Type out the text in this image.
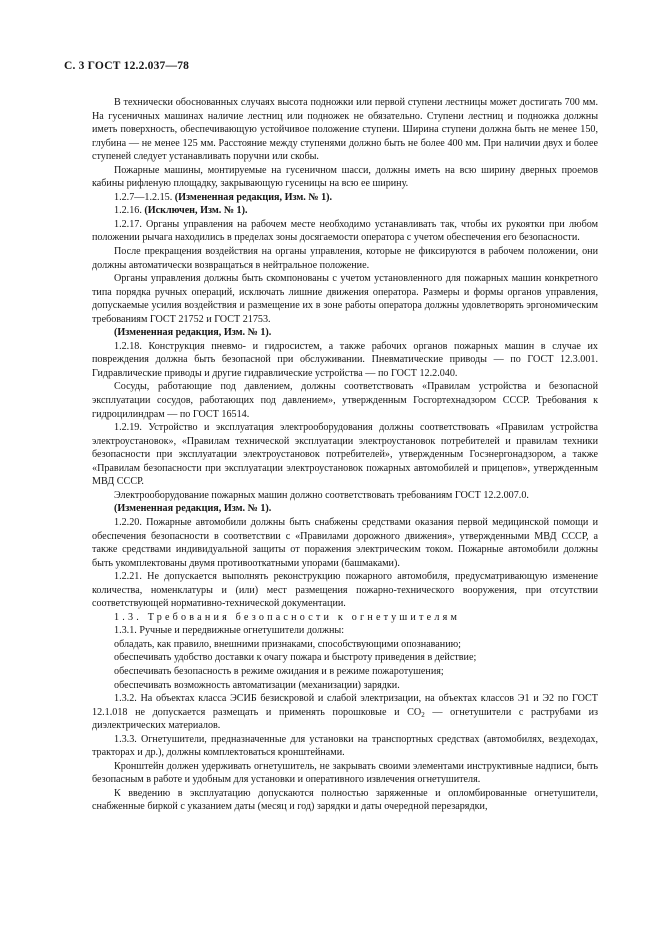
С. 3 ГОСТ 12.2.037—78

В технически обоснованных случаях высота подножки или первой ступени лестницы может достигать 700 мм. На гусеничных машинах наличие лестниц или подножек не обязательно. Ступени лестниц и подножка должны иметь поверхность, обеспечивающую устойчивое положение ступени. Ширина ступени должна быть не менее 150, глубина — не менее 125 мм. Расстояние между ступенями должно быть не более 400 мм. При наличии двух и более ступеней следует устанавливать поручни или скобы.

Пожарные машины, монтируемые на гусеничном шасси, должны иметь на всю ширину дверных проемов кабины рифленую площадку, закрывающую гусеницы на всю ее ширину.

1.2.7—1.2.15. (Измененная редакция, Изм. № 1).

1.2.16. (Исключен, Изм. № 1).

1.2.17. Органы управления на рабочем месте необходимо устанавливать так, чтобы их рукоятки при любом положении рычага находились в пределах зоны досягаемости оператора с учетом обеспечения его безопасности.

После прекращения воздействия на органы управления, которые не фиксируются в рабочем положении, они должны автоматически возвращаться в нейтральное положение.

Органы управления должны быть скомпонованы с учетом установленного для пожарных машин конкретного типа порядка ручных операций, исключать лишние движения оператора. Размеры и формы органов управления, допускаемые усилия воздействия и размещение их в зоне работы оператора должны удовлетворять эргономическим требованиям ГОСТ 21752 и ГОСТ 21753.

(Измененная редакция, Изм. № 1).

1.2.18. Конструкция пневмо- и гидросистем, а также рабочих органов пожарных машин в случае их повреждения должна быть безопасной при обслуживании. Пневматические приводы — по ГОСТ 12.3.001. Гидравлические приводы и другие гидравлические устройства — по ГОСТ 12.2.040.

Сосуды, работающие под давлением, должны соответствовать «Правилам устройства и безопасной эксплуатации сосудов, работающих под давлением», утвержденным Госгортехнадзором СССР. Требования к гидроцилиндрам — по ГОСТ 16514.

1.2.19. Устройство и эксплуатация электрооборудования должны соответствовать «Правилам устройства электроустановок», «Правилам технической эксплуатации электроустановок потребителей и правилам техники безопасности при эксплуатации электроустановок потребителей», утвержденным Госэнергонадзором, а также «Правилам безопасности при эксплуатации электроустановок пожарных автомобилей и прицепов», утвержденным МВД СССР.

Электрооборудование пожарных машин должно соответствовать требованиям ГОСТ 12.2.007.0.

(Измененная редакция, Изм. № 1).

1.2.20. Пожарные автомобили должны быть снабжены средствами оказания первой медицинской помощи и обеспечения безопасности в соответствии с «Правилами дорожного движения», утвержденными МВД СССР, а также средствами индивидуальной защиты от поражения электрическим током. Пожарные автомобили должны быть укомплектованы двумя противооткатными упорами (башмаками).

1.2.21. Не допускается выполнять реконструкцию пожарного автомобиля, предусматривающую изменение количества, номенклатуры и (или) мест размещения пожарно-технического вооружения, при отсутствии соответствующей нормативно-технической документации.

1.3. Требования безопасности к огнетушителям

1.3.1. Ручные и передвижные огнетушители должны:

обладать, как правило, внешними признаками, способствующими опознаванию;

обеспечивать удобство доставки к очагу пожара и быстроту приведения в действие;

обеспечивать безопасность в режиме ожидания и в режиме пожаротушения;

обеспечивать возможность автоматизации (механизации) зарядки.

1.3.2. На объектах класса ЭСИБ безискровой и слабой электризации, на объектах классов Э1 и Э2 по ГОСТ 12.1.018 не допускается размещать и применять порошковые и $СО_2$ — огнетушители с раструбами из диэлектрических материалов.

1.3.3. Огнетушители, предназначенные для установки на транспортных средствах (автомобилях, вездеходах, тракторах и др.), должны комплектоваться кронштейнами.

Кронштейн должен удерживать огнетушитель, не закрывать своими элементами инструктивные надписи, быть безопасным в работе и удобным для установки и оперативного извлечения огнетушителя.

К введению в эксплуатацию допускаются полностью заряженные и опломбированные огнетушители, снабженные биркой с указанием даты (месяц и год) зарядки и даты очередной перезарядки,
